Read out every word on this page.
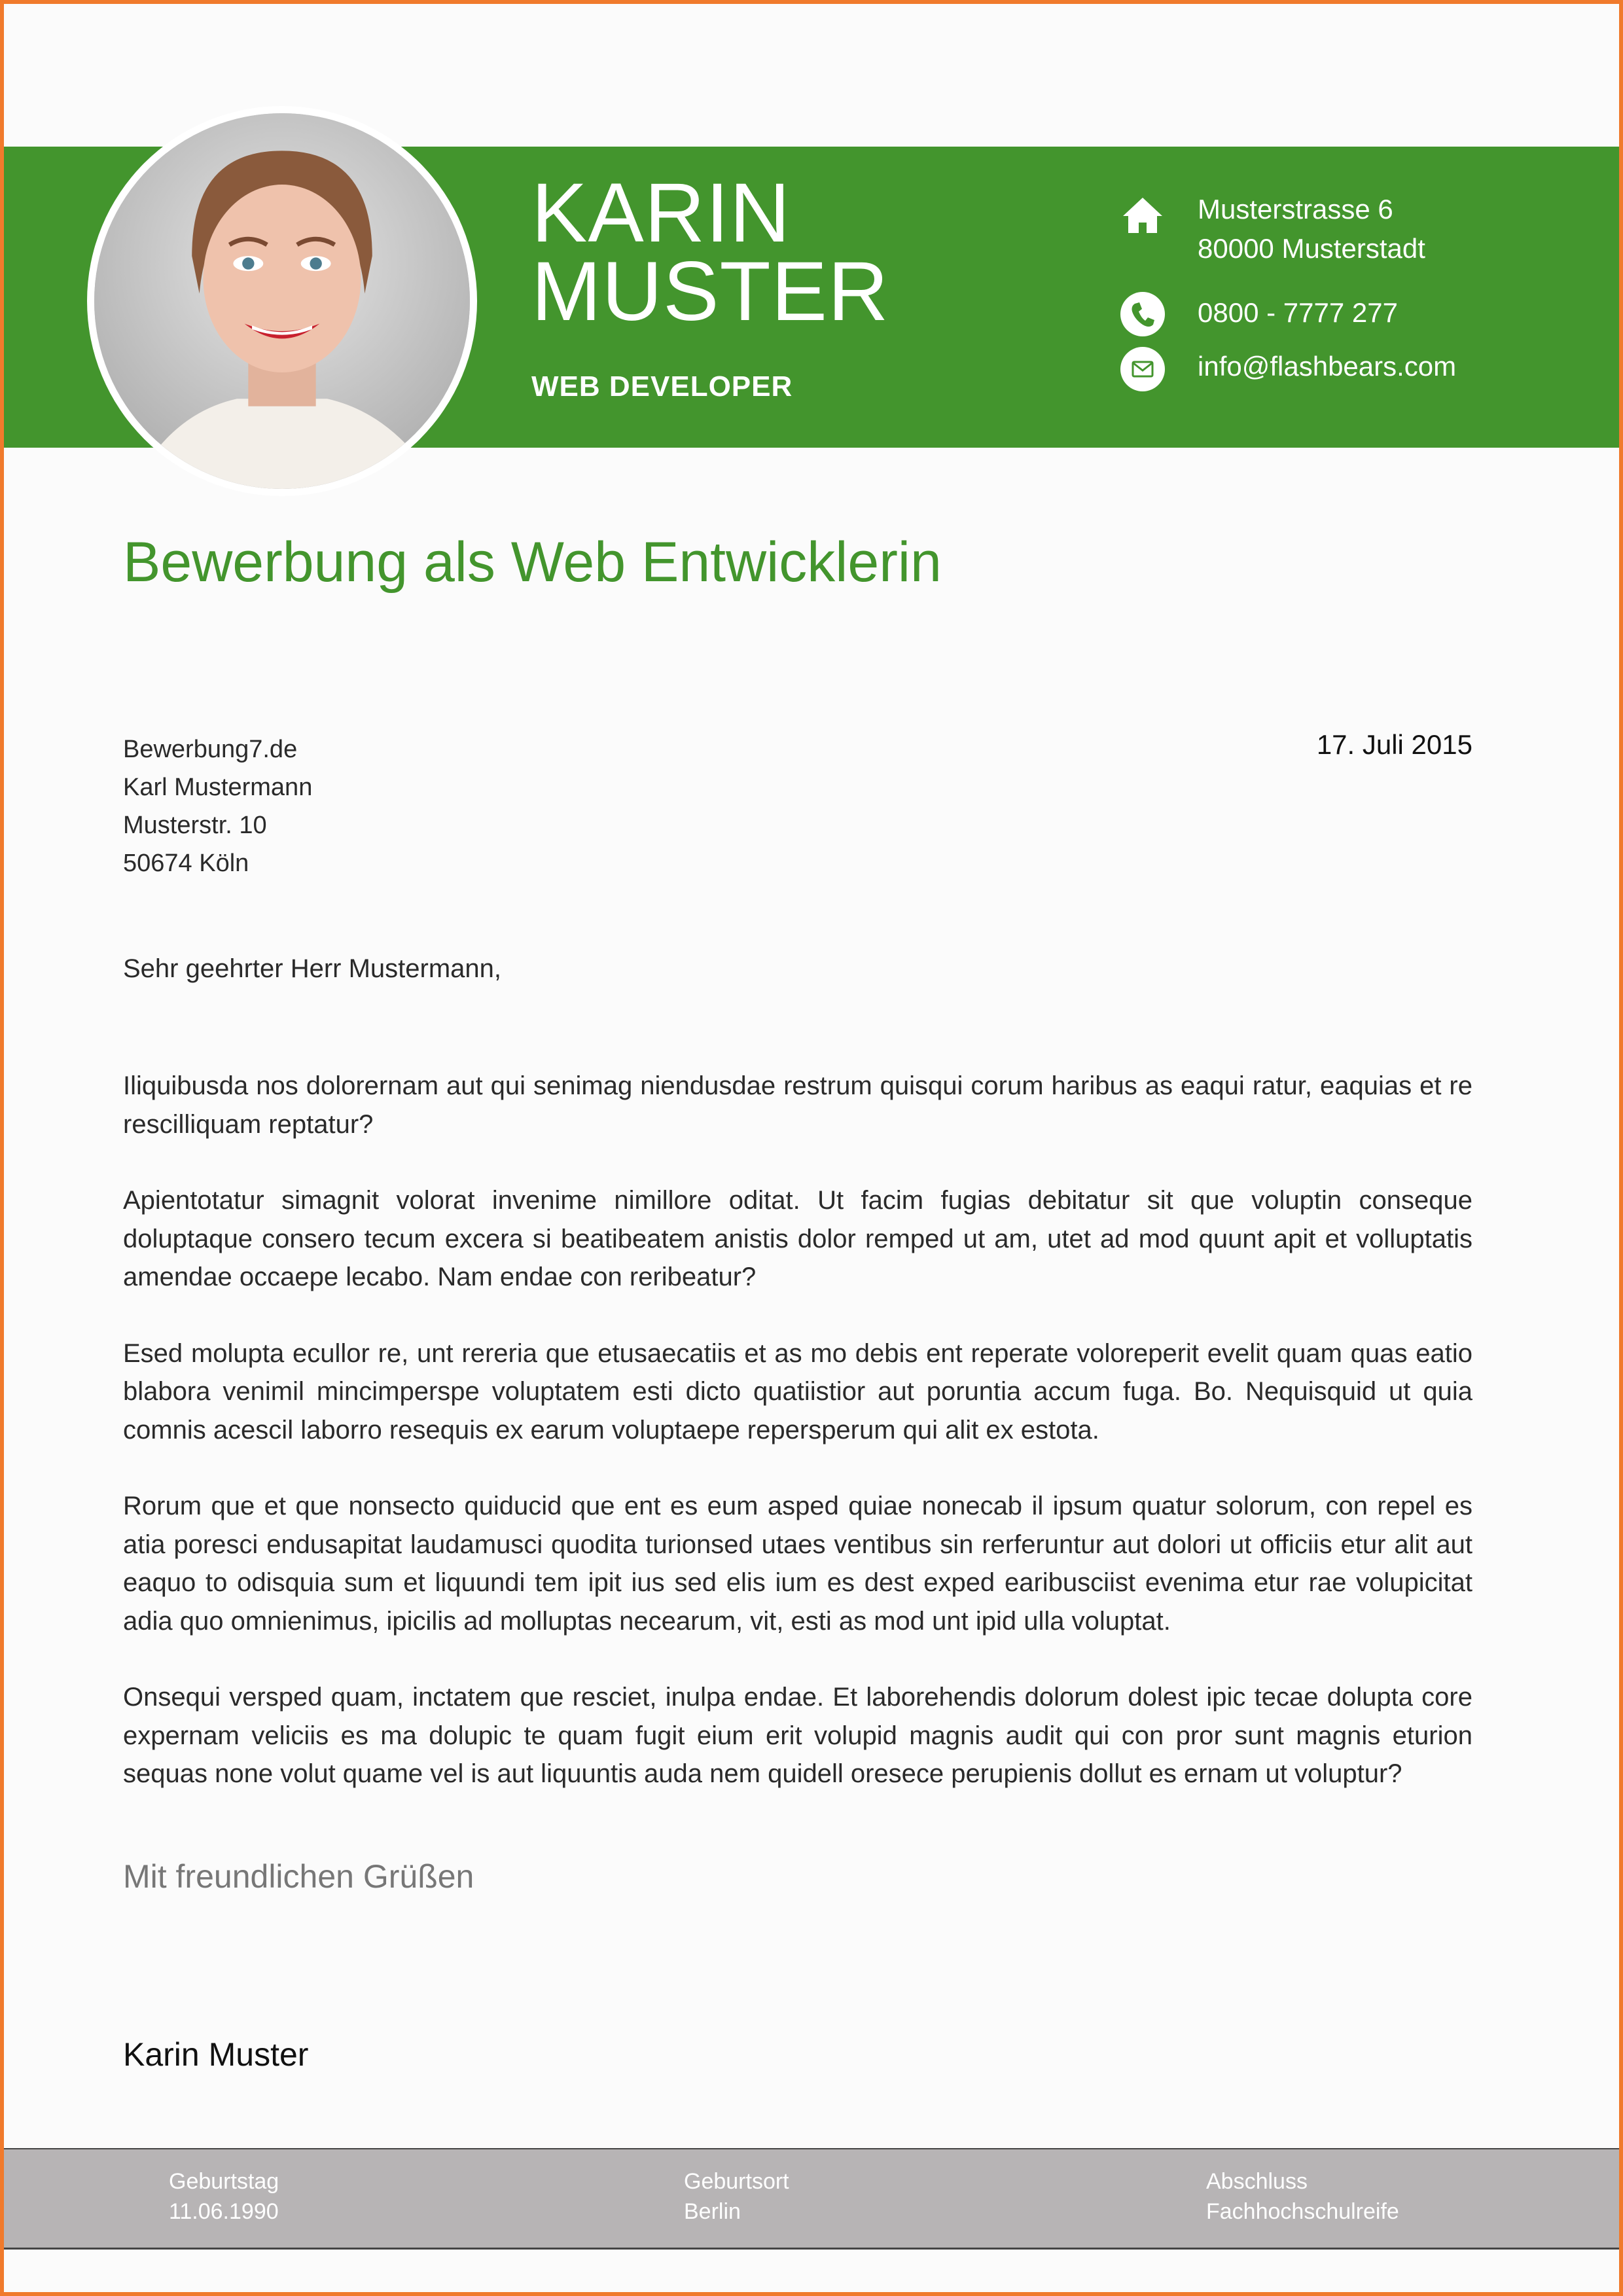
KARIN
MUSTER
WEB DEVELOPER
Musterstrasse 6
80000 Musterstadt
0800 - 7777 277
info@flashbears.com
Bewerbung als Web Entwicklerin
Bewerbung7.de
Karl Mustermann
Musterstr. 10
50674 Köln
17. Juli 2015
Sehr geehrter Herr Mustermann,

Iliquibusda nos dolorernam aut qui senimag niendusdae restrum quisqui corum haribus as eaqui ratur, eaquias et re rescilliquam reptatur?

Apientotatur simagnit volorat invenime nimillore oditat. Ut facim fugias debitatur sit que voluptin conseque doluptaque consero tecum excera si beatibeatem anistis dolor remped ut am, utet ad mod quunt apit et volluptatis amendae occaepe lecabo. Nam endae con reribeatur?

Esed molupta ecullor re, unt rereria que etusaecatiis et as mo debis ent reperate voloreperit evelit quam quas eatio blabora venimil mincimperspe voluptatem esti dicto quatiistior aut poruntia accum fuga. Bo. Nequisquid ut quia comnis acescil laborro resequis ex earum voluptaepe repersperum qui alit ex estota.

Rorum que et que nonsecto quiducid que ent es eum asped quiae nonecab il ipsum quatur solorum, con repel es atia poresci endusapitat laudamusci quodita turionsed utaes ventibus sin rerferuntur aut dolori ut officiis etur alit aut eaquo to odisquia sum et liquundi tem ipit ius sed elis ium es dest exped earibusciist evenima etur rae volupicitat adia quo omnienimus, ipicilis ad molluptas necearum, vit, esti as mod unt ipid ulla voluptat.

Onsequi versped quam, inctatem que resciet, inulpa endae. Et laborehendis dolorum dolest ipic tecae dolupta core expernam veliciis es ma dolupic te quam fugit eium erit volupid magnis audit qui con pror sunt magnis eturion sequas none volut quame vel is aut liquuntis auda nem quidell oresece perupienis dollut es ernam ut voluptur?

Mit freundlichen Grüßen
Karin Muster
Geburtstag
11.06.1990
Geburtsort
Berlin
Abschluss
Fachhochschulreife
